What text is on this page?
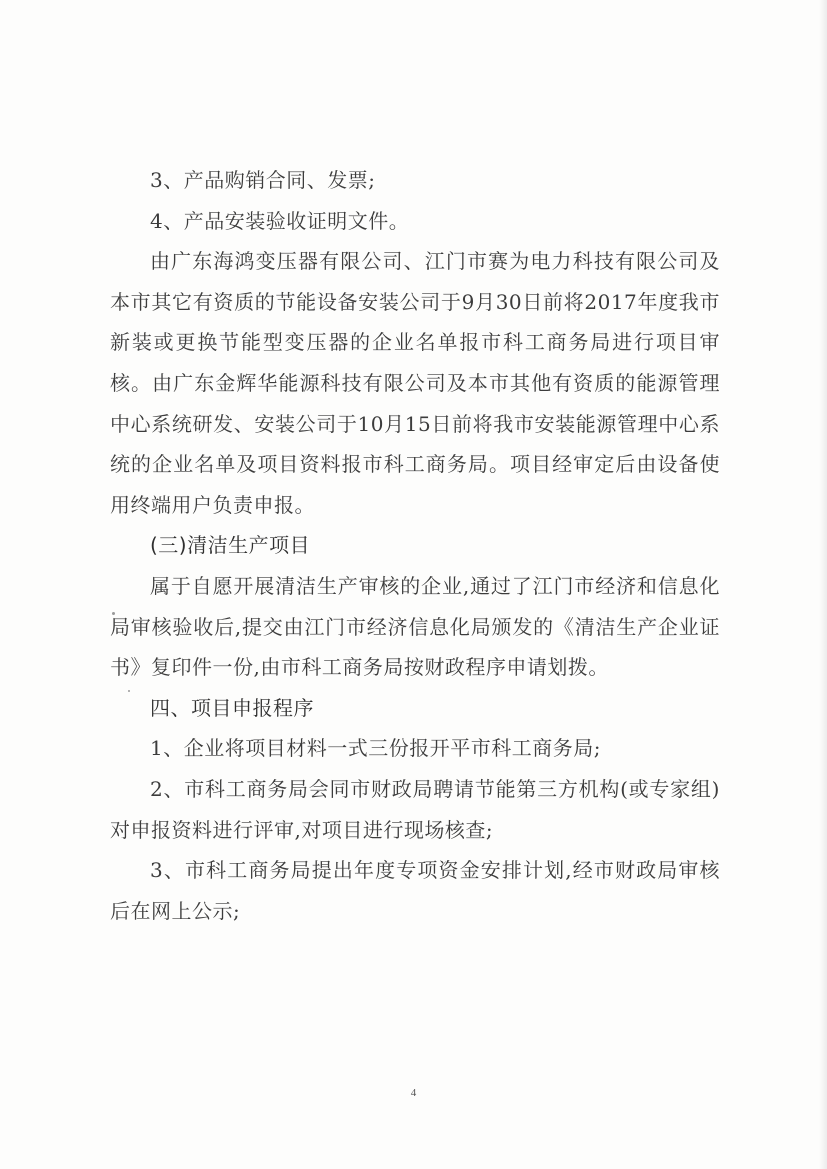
3、产品购销合同、发票;

4、产品安装验收证明文件。

由广东海鸿变压器有限公司、江门市赛为电力科技有限公司及本市其它有资质的节能设备安装公司于9月30日前将2017年度我市新装或更换节能型变压器的企业名单报市科工商务局进行项目审核。由广东金辉华能源科技有限公司及本市其他有资质的能源管理中心系统研发、安装公司于10月15日前将我市安装能源管理中心系统的企业名单及项目资料报市科工商务局。项目经审定后由设备使用终端用户负责申报。

(三)清洁生产项目

属于自愿开展清洁生产审核的企业,通过了江门市经济和信息化局审核验收后,提交由江门市经济信息化局颁发的《清洁生产企业证书》复印件一份,由市科工商务局按财政程序申请划拨。

四、项目申报程序

1、企业将项目材料一式三份报开平市科工商务局;

2、市科工商务局会同市财政局聘请节能第三方机构(或专家组)对申报资料进行评审,对项目进行现场核查;

3、市科工商务局提出年度专项资金安排计划,经市财政局审核后在网上公示;

4
